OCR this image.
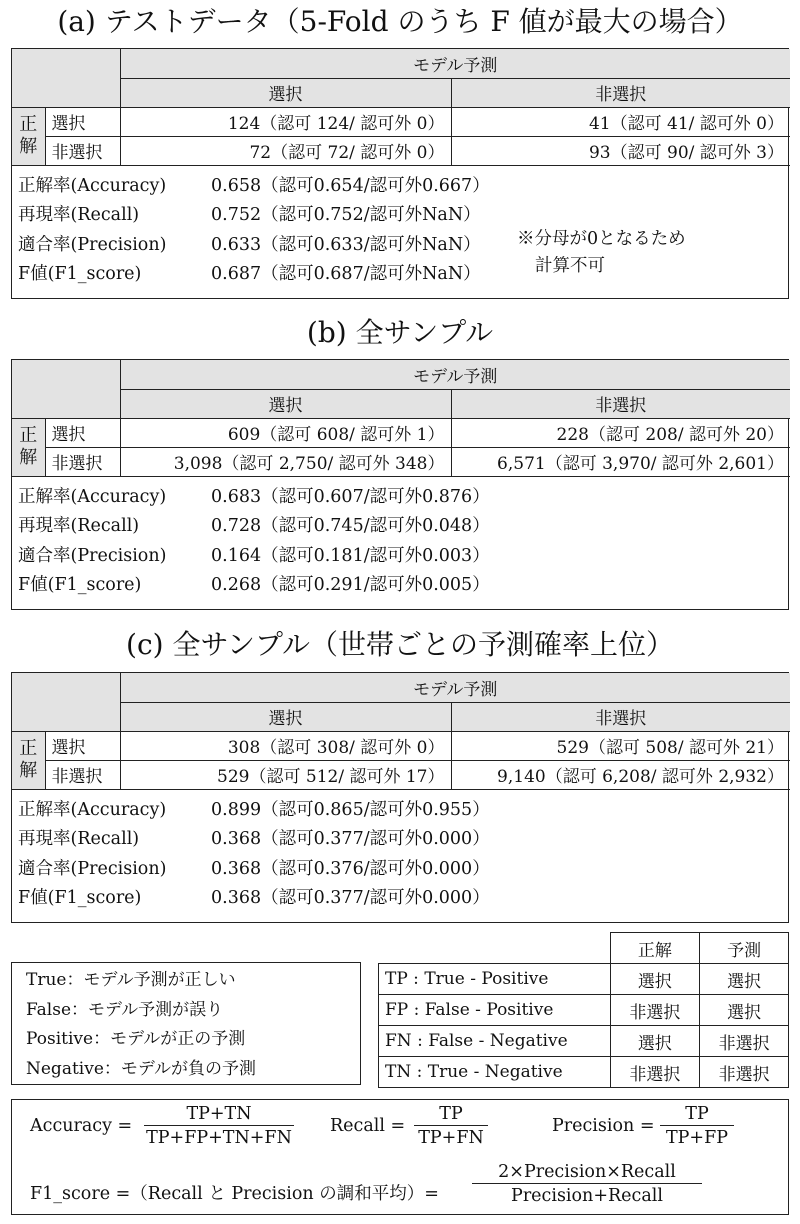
(a) テストデータ（5-Fold のうち F 値が最大の場合）
		モデル予測	
		選択	非選択
正解	選択	124（認可 124/ 認可外 0）	41（認可 41/ 認可外 0）
	非選択	72（認可 72/ 認可外 0）	93（認可 90/ 認可外 3）
正解率(Accuracy)	0.658（認可0.654/認可外0.667）
再現率(Recall)	0.752（認可0.752/認可外NaN）
適合率(Precision)	0.633（認可0.633/認可外NaN）
F値(F1_score)	0.687（認可0.687/認可外NaN）
※分母が0となるため
計算不可
(b) 全サンプル
		モデル予測	
		選択	非選択
正解	選択	609（認可 608/ 認可外 1）	228（認可 208/ 認可外 20）
	非選択	3,098（認可 2,750/ 認可外 348）	6,571（認可 3,970/ 認可外 2,601）
正解率(Accuracy)	0.683（認可0.607/認可外0.876）
再現率(Recall)	0.728（認可0.745/認可外0.048）
適合率(Precision)	0.164（認可0.181/認可外0.003）
F値(F1_score)	0.268（認可0.291/認可外0.005）
(c) 全サンプル（世帯ごとの予測確率上位）
		モデル予測	
		選択	非選択
正解	選択	308（認可 308/ 認可外 0）	529（認可 508/ 認可外 21）
	非選択	529（認可 512/ 認可外 17）	9,140（認可 6,208/ 認可外 2,932）
正解率(Accuracy)	0.899（認可0.865/認可外0.955）
再現率(Recall)	0.368（認可0.377/認可外0.000）
適合率(Precision)	0.368（認可0.376/認可外0.000）
F値(F1_score)	0.368（認可0.377/認可外0.000）
True：モデル予測が正しい
False：モデル予測が誤り
Positive：モデルが正の予測
Negative：モデルが負の予測
	正解	予測
TP : True - Positive	選択	選択
FP : False - Positive	非選択	選択
FN : False - Negative	選択	非選択
TN : True - Negative	非選択	非選択
Accuracy = $\frac{TP+TN}{TP+FP+TN+FN}$ Recall = $\frac{TP}{TP+FN}$	Precision = $\frac{TP}{TP+FP}$
F1_score =（Recall と Precision の調和平均）=
2×Precision×Recall
Precision+Recall
